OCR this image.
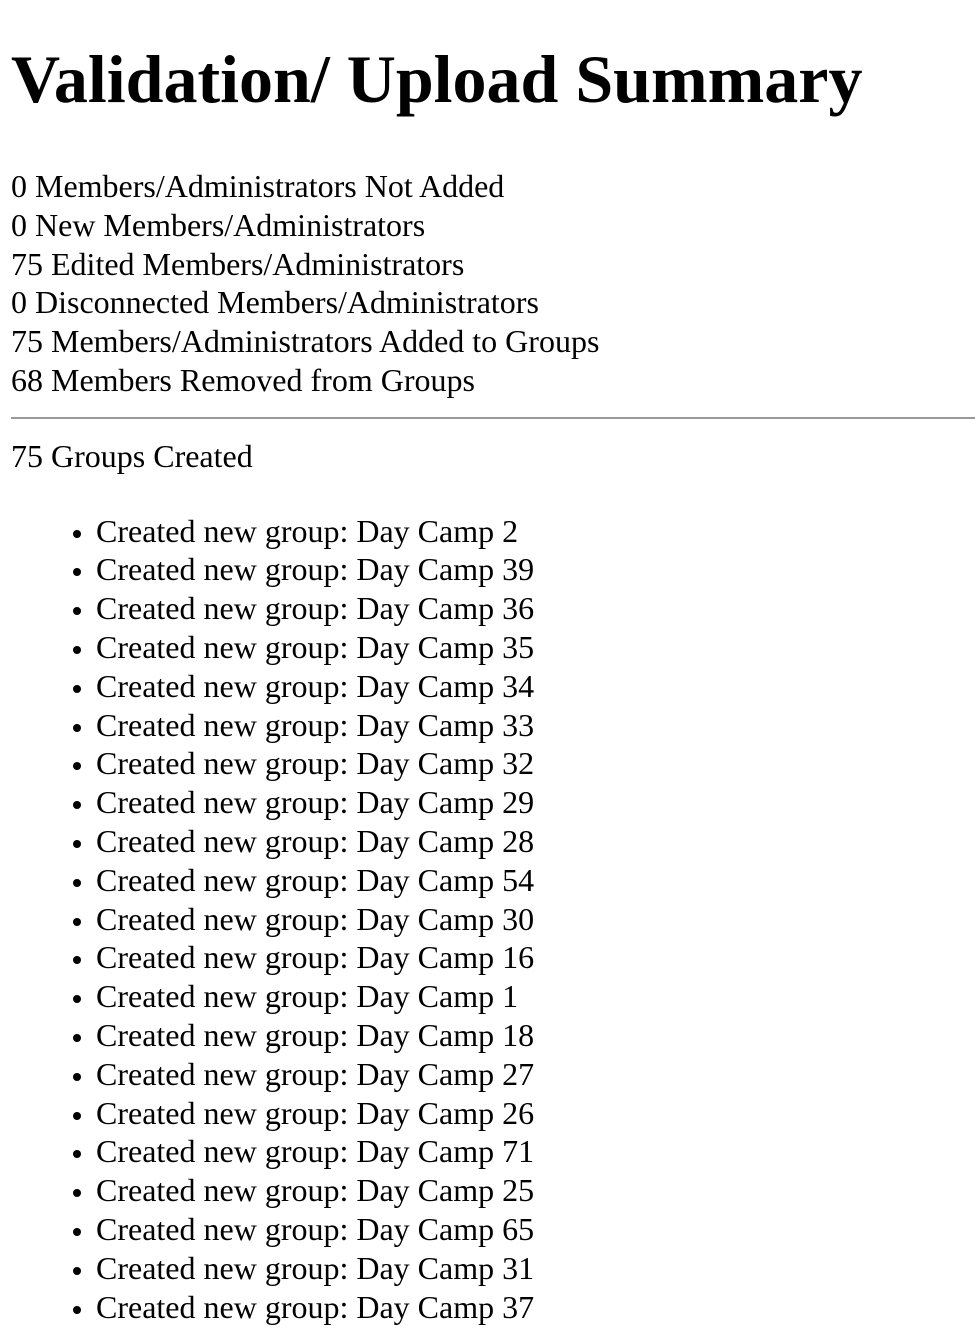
Validation/ Upload Summary
0 Members/Administrators Not Added
0 New Members/Administrators
75 Edited Members/Administrators
0 Disconnected Members/Administrators
75 Members/Administrators Added to Groups
68 Members Removed from Groups
75 Groups Created
• Created new group: Day Camp 2
• Created new group: Day Camp 39
• Created new group: Day Camp 36
• Created new group: Day Camp 35
• Created new group: Day Camp 34
• Created new group: Day Camp 33
• Created new group: Day Camp 32
• Created new group: Day Camp 29
• Created new group: Day Camp 28
• Created new group: Day Camp 54
• Created new group: Day Camp 30
• Created new group: Day Camp 16
• Created new group: Day Camp 1
• Created new group: Day Camp 18
• Created new group: Day Camp 27
• Created new group: Day Camp 26
• Created new group: Day Camp 71
• Created new group: Day Camp 25
• Created new group: Day Camp 65
• Created new group: Day Camp 31
• Created new group: Day Camp 37
